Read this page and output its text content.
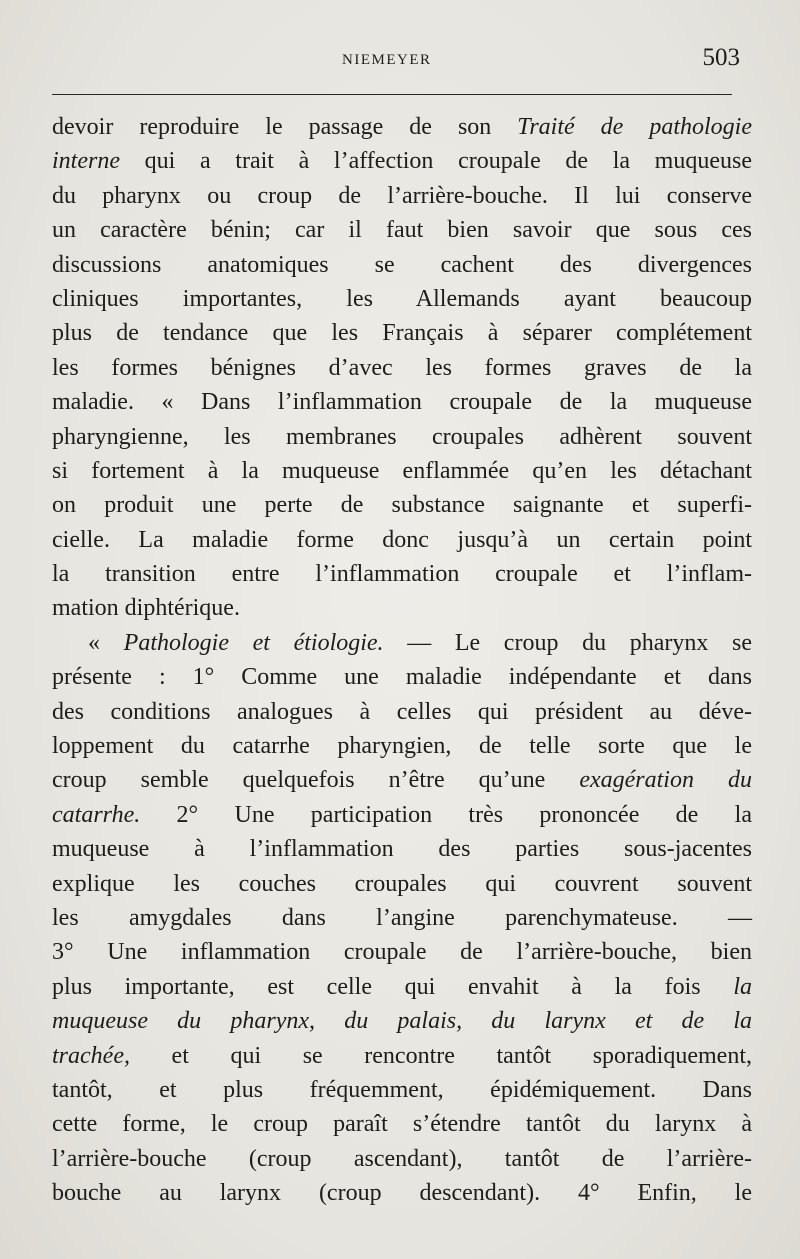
NIEMEYER	503
devoir reproduire le passage de son Traité de pathologie
interne qui a trait à l’affection croupale de la muqueuse
du pharynx ou croup de l’arrière-bouche. Il lui conserve
un caractère bénin; car il faut bien savoir que sous ces
discussions anatomiques se cachent des divergences
cliniques importantes, les Allemands ayant beaucoup
plus de tendance que les Français à séparer complétement
les formes bénignes d’avec les formes graves de la
maladie. « Dans l’inflammation croupale de la muqueuse
pharyngienne, les membranes croupales adhèrent souvent
si fortement à la muqueuse enflammée qu’en les détachant
on produit une perte de substance saignante et superfi-
cielle. La maladie forme donc jusqu’à un certain point
la transition entre l’inflammation croupale et l’inflam-
mation diphtérique.
« Pathologie et étiologie. — Le croup du pharynx se
présente : 1° Comme une maladie indépendante et dans
des conditions analogues à celles qui président au déve-
loppement du catarrhe pharyngien, de telle sorte que le
croup semble quelquefois n’être qu’une exagération du
catarrhe. 2° Une participation très prononcée de la
muqueuse à l’inflammation des parties sous-jacentes
explique les couches croupales qui couvrent souvent
les amygdales dans l’angine parenchymateuse. —
3° Une inflammation croupale de l’arrière-bouche, bien
plus importante, est celle qui envahit à la fois la
muqueuse du pharynx, du palais, du larynx et de la
trachée, et qui se rencontre tantôt sporadiquement,
tantôt, et plus fréquemment, épidémiquement. Dans
cette forme, le croup paraît s’étendre tantôt du larynx à
l’arrière-bouche (croup ascendant), tantôt de l’arrière-
bouche au larynx (croup descendant). 4° Enfin, le
